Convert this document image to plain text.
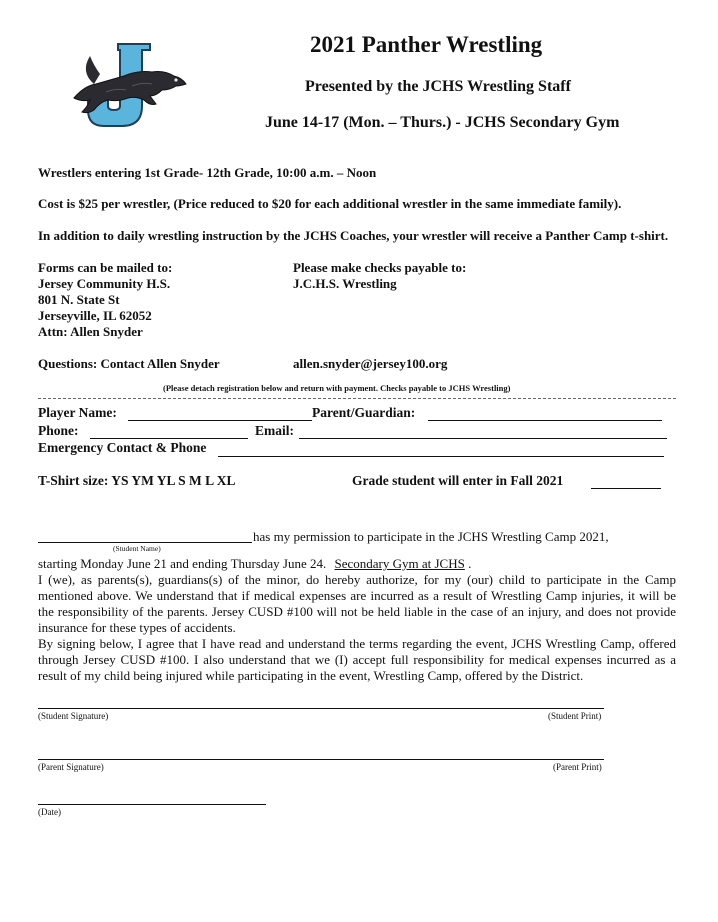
2021 Panther Wrestling
Presented by the JCHS Wrestling Staff
June 14-17 (Mon. – Thurs.) - JCHS Secondary Gym
Wrestlers entering 1st Grade- 12th Grade, 10:00 a.m. – Noon
Cost is $25 per wrestler, (Price reduced to $20 for each additional wrestler in the same immediate family).
In addition to daily wrestling instruction by the JCHS Coaches, your wrestler will receive a Panther Camp t-shirt.
Forms can be mailed to:
Jersey Community H.S.
801 N. State St
Jerseyville, IL 62052
Attn: Allen Snyder
Please make checks payable to:
J.C.H.S. Wrestling
Questions: Contact Allen Snyder	allen.snyder@jersey100.org
(Please detach registration below and return with payment. Checks payable to JCHS Wrestling)
Player Name:	Parent/Guardian:
Phone:	Email:
Emergency Contact & Phone
T-Shirt size: YS YM YL S M L XL	Grade student will enter in Fall 2021
has my permission to participate in the JCHS Wrestling Camp 2021,
(Student Name)
starting Monday June 21 and ending Thursday June 24. Secondary Gym at JCHS .
I (we), as parents(s), guardians(s) of the minor, do hereby authorize, for my (our) child to participate in the Camp mentioned above. We understand that if medical expenses are incurred as a result of Wrestling Camp injuries, it will be the responsibility of the parents. Jersey CUSD #100 will not be held liable in the case of an injury, and does not provide insurance for these types of accidents.
By signing below, I agree that I have read and understand the terms regarding the event, JCHS Wrestling Camp, offered through Jersey CUSD #100. I also understand that we (I) accept full responsibility for medical expenses incurred as a result of my child being injured while participating in the event, Wrestling Camp, offered by the District.
(Student Signature)	(Student Print)
(Parent Signature)	(Parent Print)
(Date)
